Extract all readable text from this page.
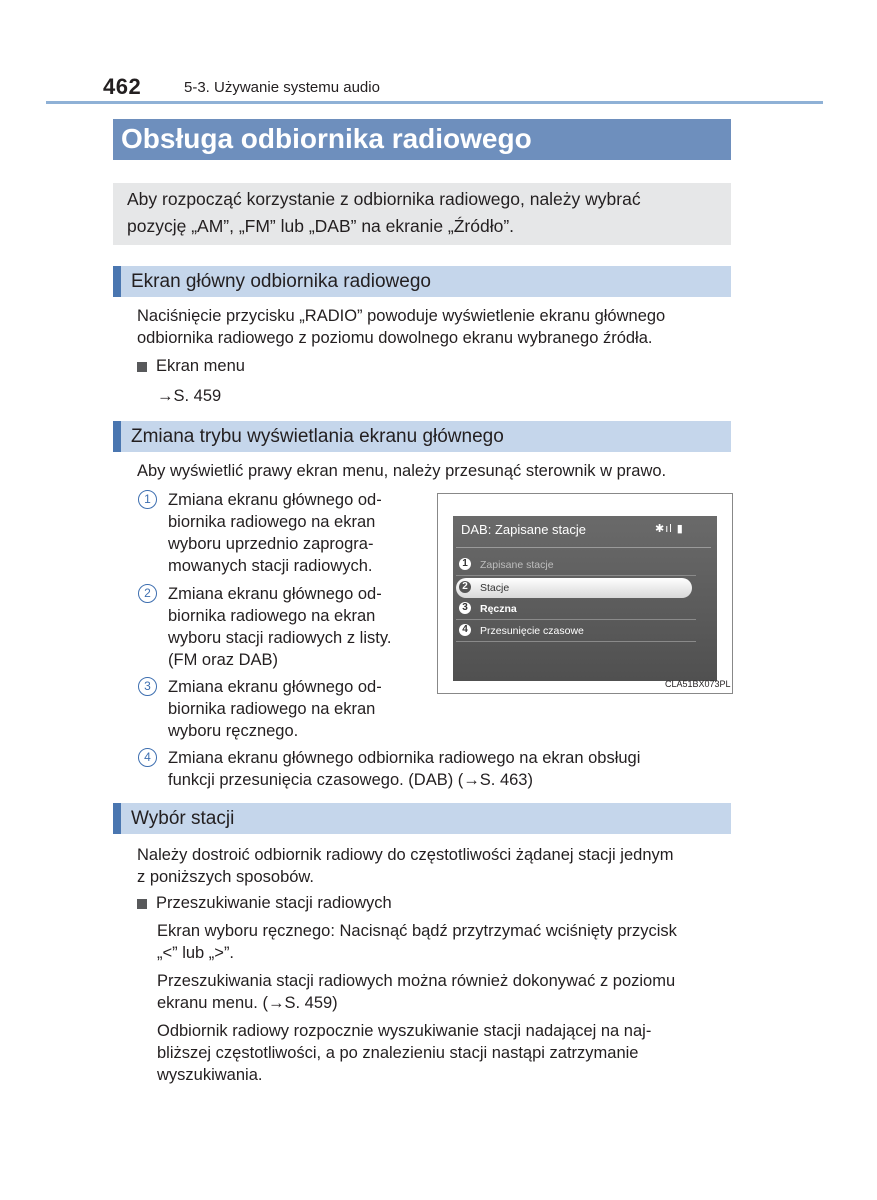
462	5-3. Używanie systemu audio
Obsługa odbiornika radiowego
Aby rozpocząć korzystanie z odbiornika radiowego, należy wybrać
pozycję „AM”, „FM” lub „DAB” na ekranie „Źródło”.
Ekran główny odbiornika radiowego
Naciśnięcie przycisku „RADIO” powoduje wyświetlenie ekranu głównego
odbiornika radiowego z poziomu dowolnego ekranu wybranego źródła.
Ekran menu
→S. 459
Zmiana trybu wyświetlania ekranu głównego
Aby wyświetlić prawy ekran menu, należy przesunąć sterownik w prawo.
1	Zmiana ekranu głównego od-
biornika radiowego na ekran
wyboru uprzednio zaprogra-
mowanych stacji radiowych.
2	Zmiana ekranu głównego od-
biornika radiowego na ekran
wyboru stacji radiowych z listy.
(FM oraz DAB)
3	Zmiana ekranu głównego od-
biornika radiowego na ekran
wyboru ręcznego.
4	Zmiana ekranu głównego odbiornika radiowego na ekran obsługi
funkcji przesunięcia czasowego. (DAB) (→S. 463)
DAB: Zapisane stacje	✱ıl ▮
1	Zapisane stacje
2	Stacje
3	Ręczna
4	Przesunięcie czasowe
CLA51BX073PL
Wybór stacji
Należy dostroić odbiornik radiowy do częstotliwości żądanej stacji jednym
z poniższych sposobów.
Przeszukiwanie stacji radiowych
Ekran wyboru ręcznego: Nacisnąć bądź przytrzymać wciśnięty przycisk
„<” lub „>”.
Przeszukiwania stacji radiowych można również dokonywać z poziomu
ekranu menu. (→S. 459)
Odbiornik radiowy rozpocznie wyszukiwanie stacji nadającej na naj-
bliższej częstotliwości, a po znalezieniu stacji nastąpi zatrzymanie
wyszukiwania.
